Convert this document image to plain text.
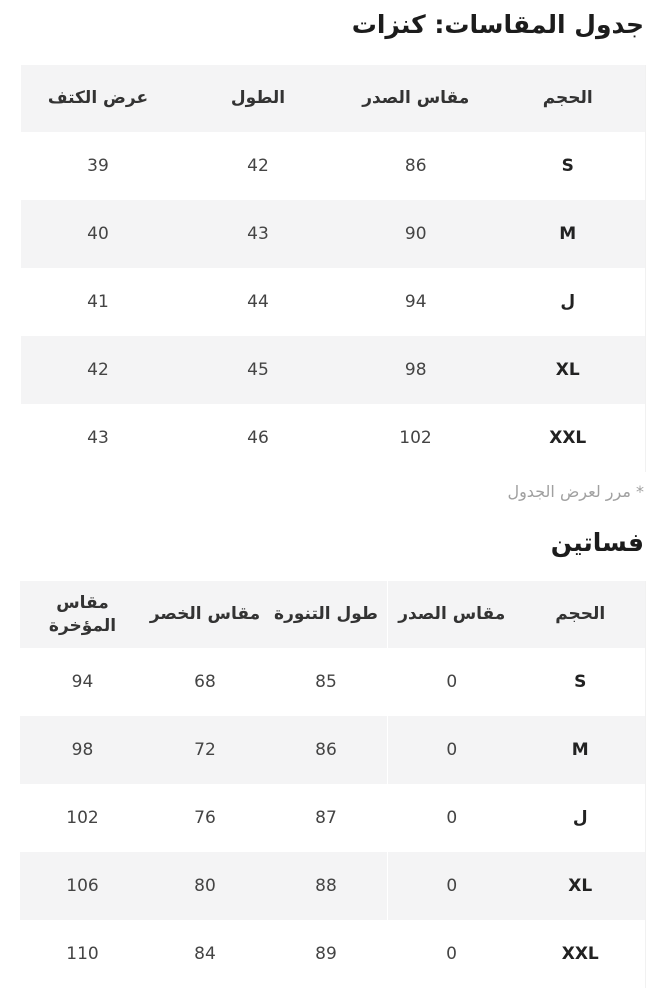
جدول المقاسات: كنزات
الحجم	مقاس الصدر	الطول	عرض الكتف
S	86	42	39
M	90	43	40
ل	94	44	41
XL	98	45	42
XXL	102	46	43

* مرر لعرض الجدول

فساتين
الحجم	مقاس الصدر	طول التنورة	مقاس الخصر	مقاس المؤخرة
S	0	85	68	94
M	0	86	72	98
ل	0	87	76	102
XL	0	88	80	106
XXL	0	89	84	110
